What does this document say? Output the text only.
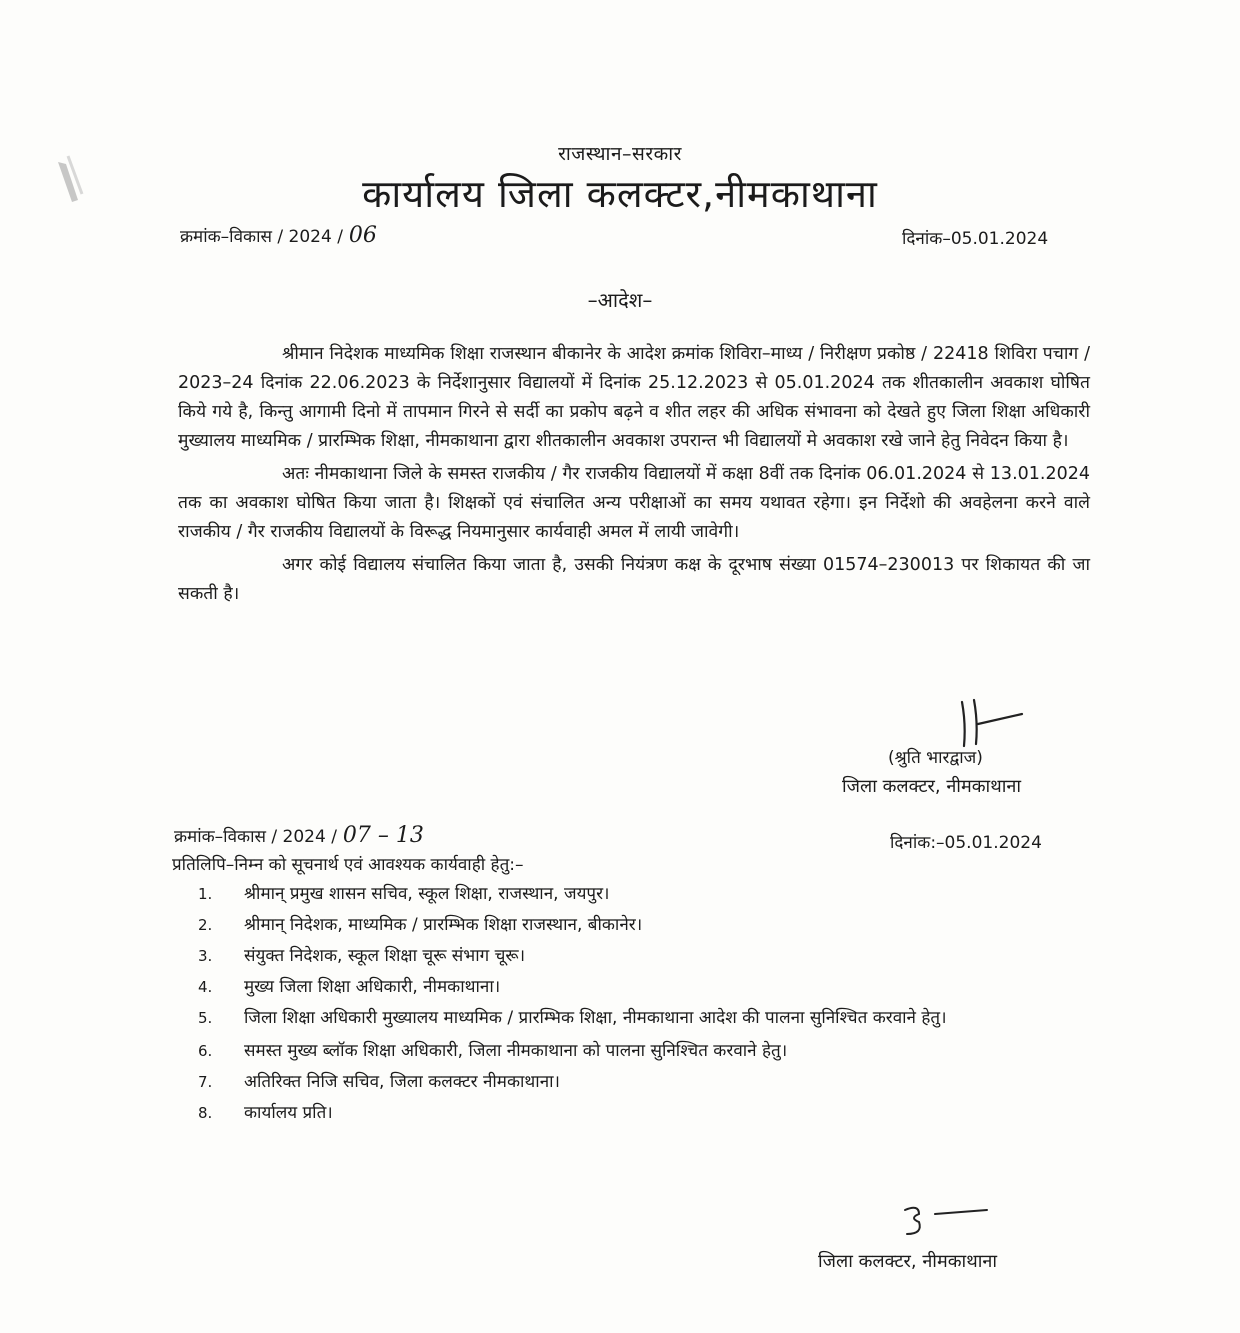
राजस्थान–सरकार
कार्यालय जिला कलक्टर,नीमकाथाना
क्रमांक–विकास / 2024 / 06	दिनांक–05.01.2024
–आदेश–

श्रीमान निदेशक माध्यमिक शिक्षा राजस्थान बीकानेर के आदेश क्रमांक शिविरा–माध्य / निरीक्षण प्रकोष्ठ / 22418 शिविरा पचाग / 2023–24 दिनांक 22.06.2023 के निर्देशानुसार विद्यालयों में दिनांक 25.12.2023 से 05.01.2024 तक शीतकालीन अवकाश घोषित किये गये है, किन्तु आगामी दिनो में तापमान गिरने से सर्दी का प्रकोप बढ़ने व शीत लहर की अधिक संभावना को देखते हुए जिला शिक्षा अधिकारी मुख्यालय माध्यमिक / प्रारम्भिक शिक्षा, नीमकाथाना द्वारा शीतकालीन अवकाश उपरान्त भी विद्यालयों मे अवकाश रखे जाने हेतु निवेदन किया है।

अतः नीमकाथाना जिले के समस्त राजकीय / गैर राजकीय विद्यालयों में कक्षा 8वीं तक दिनांक 06.01.2024 से 13.01.2024 तक का अवकाश घोषित किया जाता है। शिक्षकों एवं संचालित अन्य परीक्षाओं का समय यथावत रहेगा। इन निर्देशो की अवहेलना करने वाले राजकीय / गैर राजकीय विद्यालयों के विरूद्ध नियमानुसार कार्यवाही अमल में लायी जावेगी।

अगर कोई विद्यालय संचालित किया जाता है, उसकी नियंत्रण कक्ष के दूरभाष संख्या 01574–230013 पर शिकायत की जा सकती है।

(श्रुति भारद्वाज)
जिला कलक्टर, नीमकाथाना
क्रमांक–विकास / 2024 / 07 – 13	दिनांक:–05.01.2024
प्रतिलिपि–निम्न को सूचनार्थ एवं आवश्यक कार्यवाही हेतु:–
1. श्रीमान् प्रमुख शासन सचिव, स्कूल शिक्षा, राजस्थान, जयपुर।
2. श्रीमान् निदेशक, माध्यमिक / प्रारम्भिक शिक्षा राजस्थान, बीकानेर।
3. संयुक्त निदेशक, स्कूल शिक्षा चूरू संभाग चूरू।
4. मुख्य जिला शिक्षा अधिकारी, नीमकाथाना।
5. जिला शिक्षा अधिकारी मुख्यालय माध्यमिक / प्रारम्भिक शिक्षा, नीमकाथाना आदेश की पालना सुनिश्चित करवाने हेतु।
6. समस्त मुख्य ब्लॉक शिक्षा अधिकारी, जिला नीमकाथाना को पालना सुनिश्चित करवाने हेतु।
7. अतिरिक्त निजि सचिव, जिला कलक्टर नीमकाथाना।
8. कार्यालय प्रति।
जिला कलक्टर, नीमकाथाना
